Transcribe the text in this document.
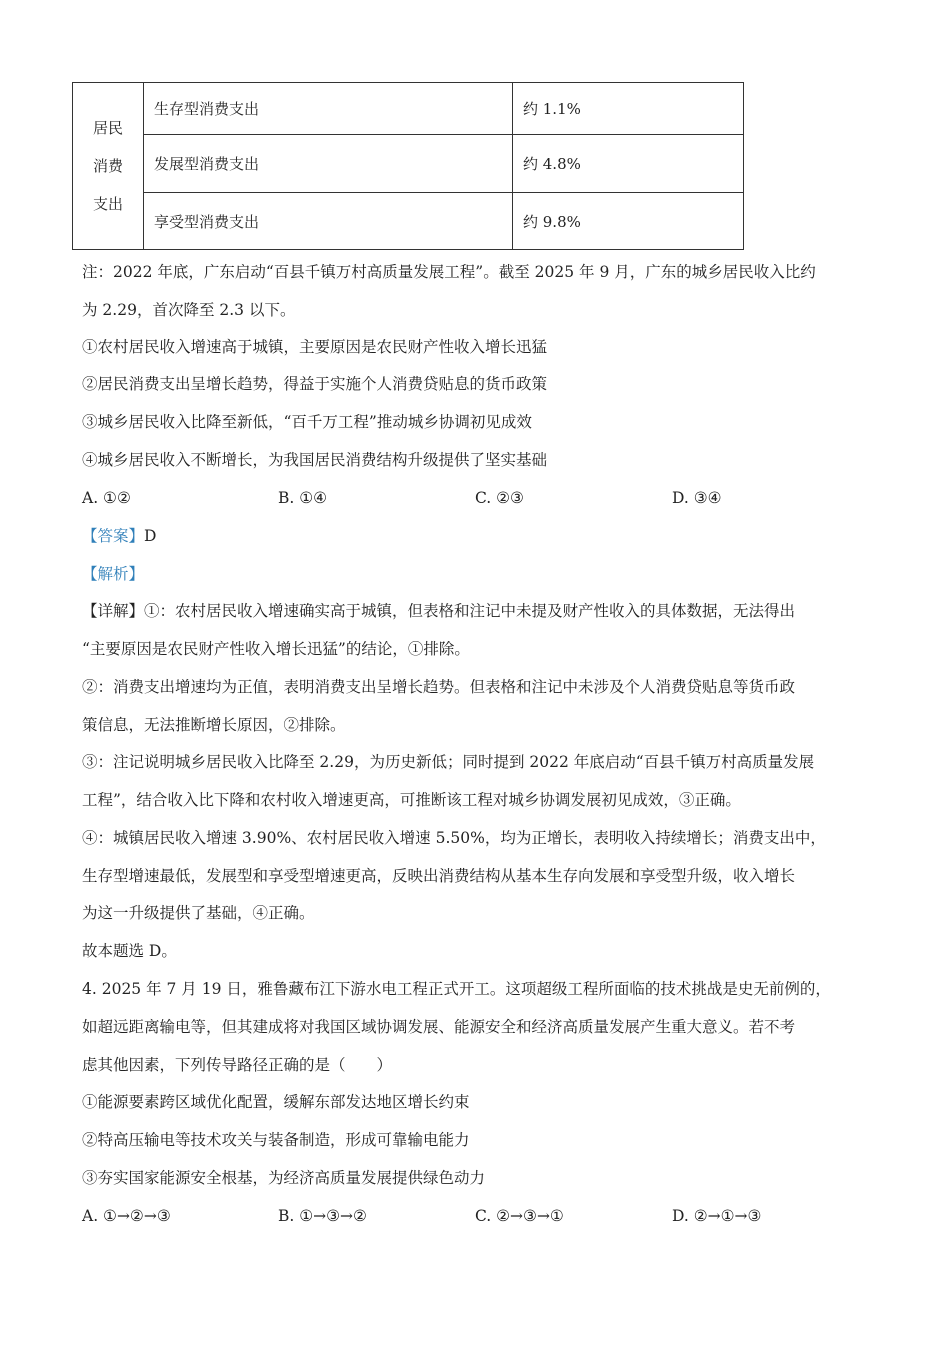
居民
消费
支出	生存型消费支出	约 1.1%
	发展型消费支出	约 4.8%
	享受型消费支出	约 9.8%
注：2022 年底，广东启动“百县千镇万村高质量发展工程”。截至 2025 年 9 月，广东的城乡居民收入比约
为 2.29，首次降至 2.3 以下。
①农村居民收入增速高于城镇，主要原因是农民财产性收入增长迅猛
②居民消费支出呈增长趋势，得益于实施个人消费贷贴息的货币政策
③城乡居民收入比降至新低，“百千万工程”推动城乡协调初见成效
④城乡居民收入不断增长，为我国居民消费结构升级提供了坚实基础
A. ①②	B. ①④	C. ②③	D. ③④
【答案】D
【解析】
【详解】①：农村居民收入增速确实高于城镇，但表格和注记中未提及财产性收入的具体数据，无法得出
“主要原因是农民财产性收入增长迅猛”的结论，①排除。
②：消费支出增速均为正值，表明消费支出呈增长趋势。但表格和注记中未涉及个人消费贷贴息等货币政
策信息，无法推断增长原因，②排除。
③：注记说明城乡居民收入比降至 2.29，为历史新低；同时提到 2022 年底启动“百县千镇万村高质量发展
工程”，结合收入比下降和农村收入增速更高，可推断该工程对城乡协调发展初见成效，③正确。
④：城镇居民收入增速 3.90%、农村居民收入增速 5.50%，均为正增长，表明收入持续增长；消费支出中，
生存型增速最低，发展型和享受型增速更高，反映出消费结构从基本生存向发展和享受型升级，收入增长
为这一升级提供了基础，④正确。
故本题选 D。
4. 2025 年 7 月 19 日，雅鲁藏布江下游水电工程正式开工。这项超级工程所面临的技术挑战是史无前例的，
如超远距离输电等，但其建成将对我国区域协调发展、能源安全和经济高质量发展产生重大意义。若不考
虑其他因素，下列传导路径正确的是（　　）
①能源要素跨区域优化配置，缓解东部发达地区增长约束
②特高压输电等技术攻关与装备制造，形成可靠输电能力
③夯实国家能源安全根基，为经济高质量发展提供绿色动力
A. ①→②→③	B. ①→③→②	C. ②→③→①	D. ②→①→③
